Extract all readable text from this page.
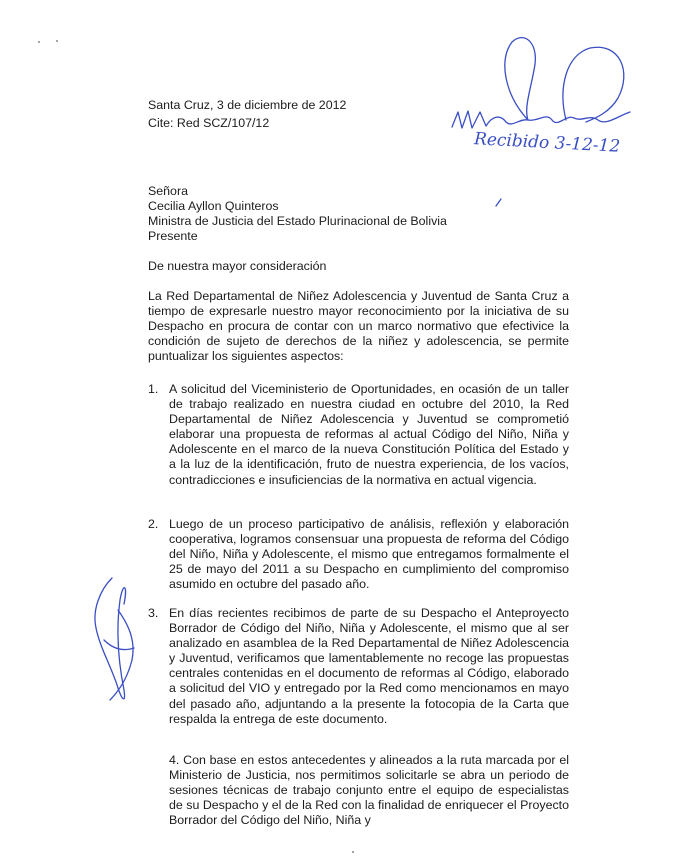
Santa Cruz, 3 de diciembre de 2012
Cite: Red SCZ/107/12
Señora
Cecilia Ayllon Quinteros
Ministra de Justicia del Estado Plurinacional de Bolivia
Presente
De nuestra mayor consideración
La Red Departamental de Niñez Adolescencia y Juventud de Santa Cruz a tiempo de expresarle nuestro mayor reconocimiento por la iniciativa de su Despacho en procura de contar con un marco normativo que efectivice la condición de sujeto de derechos de la niñez y adolescencia, se permite puntualizar los siguientes aspectos:
1. A solicitud del Viceministerio de Oportunidades, en ocasión de un taller de trabajo realizado en nuestra ciudad en octubre del 2010, la Red Departamental de Niñez Adolescencia y Juventud se comprometió elaborar una propuesta de reformas al actual Código del Niño, Niña y Adolescente en el marco de la nueva Constitución Política del Estado y a la luz de la identificación, fruto de nuestra experiencia, de los vacíos, contradicciones e insuficiencias de la normativa en actual vigencia.
2. Luego de un proceso participativo de análisis, reflexión y elaboración cooperativa, logramos consensuar una propuesta de reforma del Código del Niño, Niña y Adolescente, el mismo que entregamos formalmente el 25 de mayo del 2011 a su Despacho en cumplimiento del compromiso asumido en octubre del pasado año.
3. En días recientes recibimos de parte de su Despacho el Anteproyecto Borrador de Código del Niño, Niña y Adolescente, el mismo que al ser analizado en asamblea de la Red Departamental de Niñez Adolescencia y Juventud, verificamos que lamentablemente no recoge las propuestas centrales contenidas en el documento de reformas al Código, elaborado a solicitud del VIO y entregado por la Red como mencionamos en mayo del pasado año, adjuntando a la presente la fotocopia de la Carta que respalda la entrega de este documento.
4. Con base en estos antecedentes y alineados a la ruta marcada por el Ministerio de Justicia, nos permitimos solicitarle se abra un periodo de sesiones técnicas de trabajo conjunto entre el equipo de especialistas de su Despacho y el de la Red con la finalidad de enriquecer el Proyecto Borrador del Código del Niño, Niña y
Recibido 3-12-12
